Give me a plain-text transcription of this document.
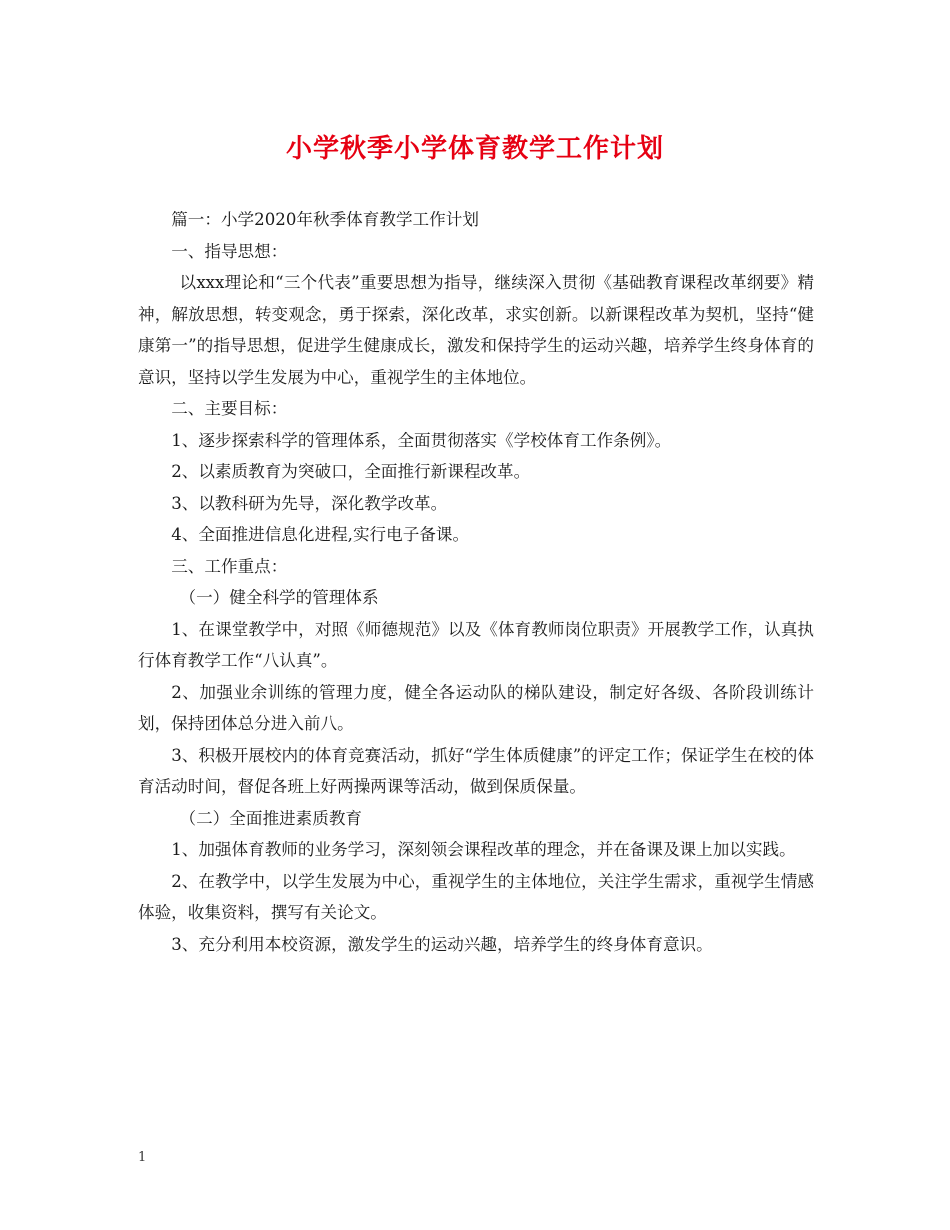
小学秋季小学体育教学工作计划

篇一：小学2020年秋季体育教学工作计划

一、指导思想：

以xxx理论和“三个代表”重要思想为指导，继续深入贯彻《基础教育课程改革纲要》精神，解放思想，转变观念，勇于探索，深化改革，求实创新。以新课程改革为契机，坚持“健康第一”的指导思想，促进学生健康成长，激发和保持学生的运动兴趣，培养学生终身体育的意识，坚持以学生发展为中心，重视学生的主体地位。

二、主要目标：

1、逐步探索科学的管理体系，全面贯彻落实《学校体育工作条例》。

2、以素质教育为突破口，全面推行新课程改革。

3、以教科研为先导，深化教学改革。

4、全面推进信息化进程,实行电子备课。

三、工作重点：

（一）健全科学的管理体系

1、在课堂教学中，对照《师德规范》以及《体育教师岗位职责》开展教学工作，认真执行体育教学工作“八认真”。

2、加强业余训练的管理力度，健全各运动队的梯队建设，制定好各级、各阶段训练计划，保持团体总分进入前八。

3、积极开展校内的体育竞赛活动，抓好“学生体质健康”的评定工作；保证学生在校的体育活动时间，督促各班上好两操两课等活动，做到保质保量。

（二）全面推进素质教育

1、加强体育教师的业务学习，深刻领会课程改革的理念，并在备课及课上加以实践。

2、在教学中，以学生发展为中心，重视学生的主体地位，关注学生需求，重视学生情感体验，收集资料，撰写有关论文。

3、充分利用本校资源，激发学生的运动兴趣，培养学生的终身体育意识。

1
